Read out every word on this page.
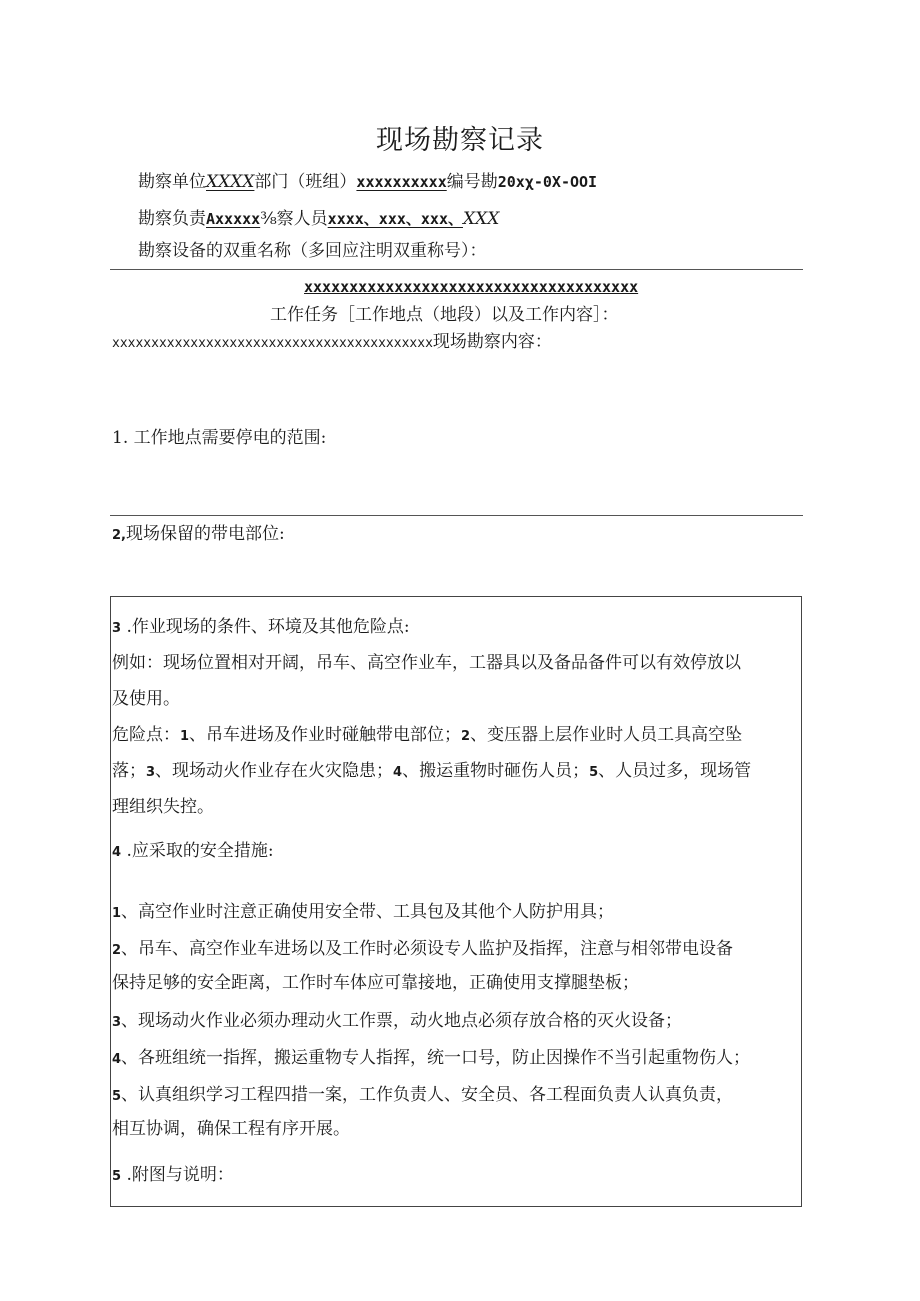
现场勘察记录
勘察单位XXXX部门（班组）xxxxxxxxxx编号勘20xχ-0X-OOI
勘察负责Axxxxx⅜察人员xxxx、xxx、xxx、XXX
勘察设备的双重名称（多回应注明双重称号）：
xxxxxxxxxxxxxxxxxxxxxxxxxxxxxxxxxxxxx
工作任务［工作地点（地段）以及工作内容］：
xxxxxxxxxxxxxxxxxxxxxxxxxxxxxxxxxxxxxxxxx现场勘察内容：
1. 工作地点需要停电的范围:
2,现场保留的带电部位:
3 .作业现场的条件、环境及其他危险点:
例如：现场位置相对开阔，吊车、高空作业车，工器具以及备品备件可以有效停放以
及使用。
危险点：1、吊车进场及作业时碰触带电部位；2、变压器上层作业时人员工具高空坠
落；3、现场动火作业存在火灾隐患；4、搬运重物时砸伤人员；5、人员过多，现场管
理组织失控。
4 .应采取的安全措施:
1、高空作业时注意正确使用安全带、工具包及其他个人防护用具；
2、吊车、高空作业车进场以及工作时必须设专人监护及指挥，注意与相邻带电设备
保持足够的安全距离，工作时车体应可靠接地，正确使用支撑腿垫板；
3、现场动火作业必须办理动火工作票，动火地点必须存放合格的灭火设备；
4、各班组统一指挥，搬运重物专人指挥，统一口号，防止因操作不当引起重物伤人；
5、认真组织学习工程四措一案，工作负责人、安全员、各工程面负责人认真负责，
相互协调，确保工程有序开展。
5 .附图与说明：
